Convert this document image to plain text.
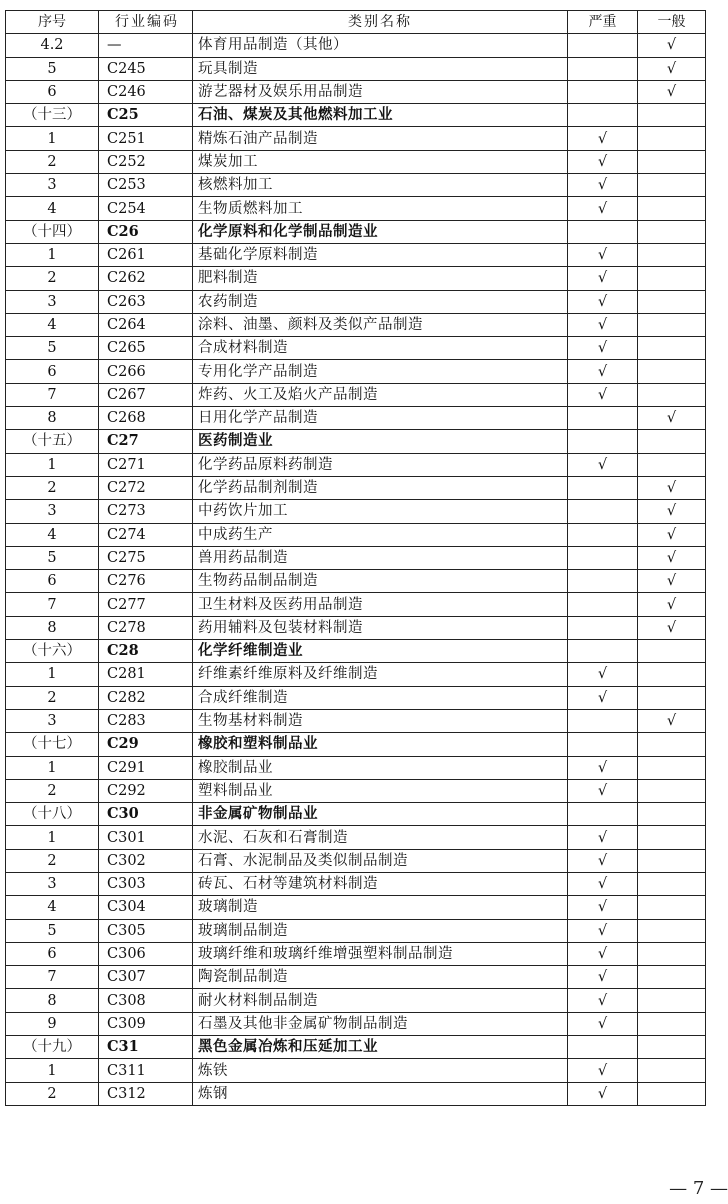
序号	行业编码	类别名称	严重	一般
4.2	—	体育用品制造（其他）		√
5	C245	玩具制造		√
6	C246	游艺器材及娱乐用品制造		√
（十三）	C25	石油、煤炭及其他燃料加工业		
1	C251	精炼石油产品制造	√	
2	C252	煤炭加工	√	
3	C253	核燃料加工	√	
4	C254	生物质燃料加工	√	
（十四）	C26	化学原料和化学制品制造业		
1	C261	基础化学原料制造	√	
2	C262	肥料制造	√	
3	C263	农药制造	√	
4	C264	涂料、油墨、颜料及类似产品制造	√	
5	C265	合成材料制造	√	
6	C266	专用化学产品制造	√	
7	C267	炸药、火工及焰火产品制造	√	
8	C268	日用化学产品制造		√
（十五）	C27	医药制造业		
1	C271	化学药品原料药制造	√	
2	C272	化学药品制剂制造		√
3	C273	中药饮片加工		√
4	C274	中成药生产		√
5	C275	兽用药品制造		√
6	C276	生物药品制品制造		√
7	C277	卫生材料及医药用品制造		√
8	C278	药用辅料及包装材料制造		√
（十六）	C28	化学纤维制造业		
1	C281	纤维素纤维原料及纤维制造	√	
2	C282	合成纤维制造	√	
3	C283	生物基材料制造		√
（十七）	C29	橡胶和塑料制品业		
1	C291	橡胶制品业	√	
2	C292	塑料制品业	√	
（十八）	C30	非金属矿物制品业		
1	C301	水泥、石灰和石膏制造	√	
2	C302	石膏、水泥制品及类似制品制造	√	
3	C303	砖瓦、石材等建筑材料制造	√	
4	C304	玻璃制造	√	
5	C305	玻璃制品制造	√	
6	C306	玻璃纤维和玻璃纤维增强塑料制品制造	√	
7	C307	陶瓷制品制造	√	
8	C308	耐火材料制品制造	√	
9	C309	石墨及其他非金属矿物制品制造	√	
（十九）	C31	黑色金属冶炼和压延加工业		
1	C311	炼铁	√	
2	C312	炼钢	√	
— 7 —
